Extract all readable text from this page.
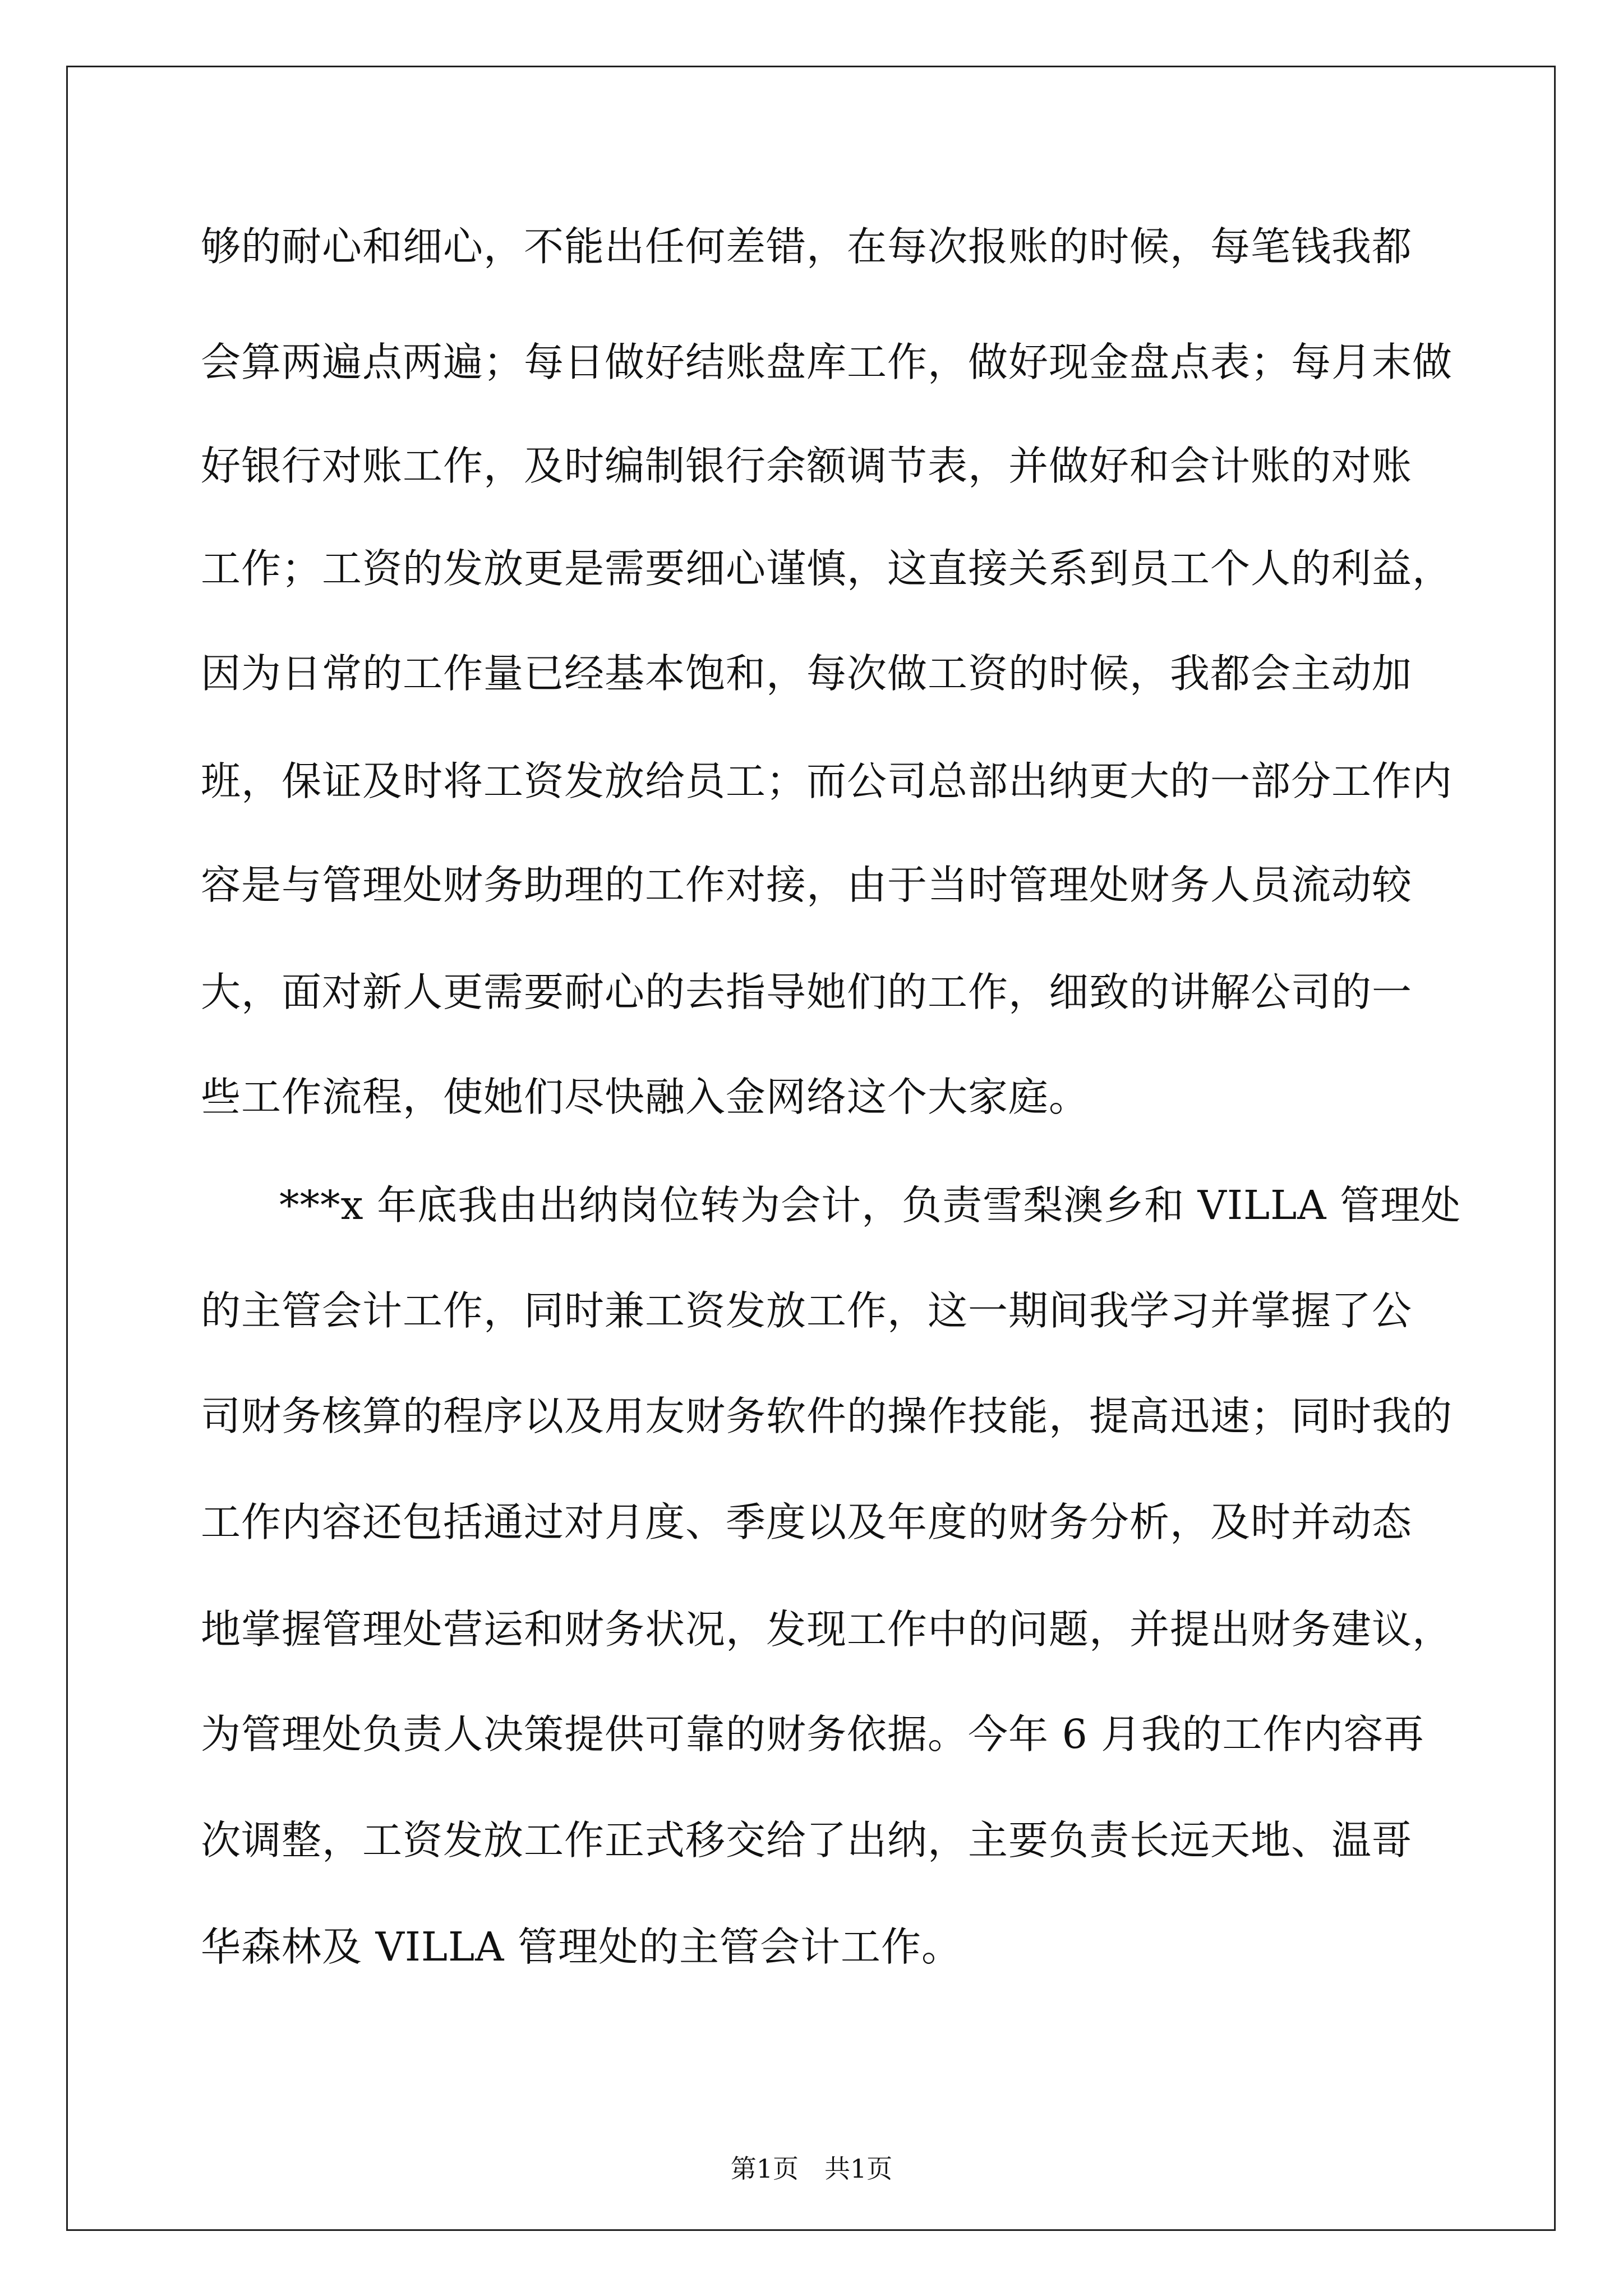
够的耐心和细心，不能出任何差错，在每次报账的时候，每笔钱我都
会算两遍点两遍；每日做好结账盘库工作，做好现金盘点表；每月末做
好银行对账工作，及时编制银行余额调节表，并做好和会计账的对账
工作；工资的发放更是需要细心谨慎，这直接关系到员工个人的利益，
因为日常的工作量已经基本饱和，每次做工资的时候，我都会主动加
班，保证及时将工资发放给员工；而公司总部出纳更大的一部分工作内
容是与管理处财务助理的工作对接，由于当时管理处财务人员流动较
大，面对新人更需要耐心的去指导她们的工作，细致的讲解公司的一
些工作流程，使她们尽快融入金网络这个大家庭。
***x 年底我由出纳岗位转为会计，负责雪梨澳乡和 VILLA 管理处
的主管会计工作，同时兼工资发放工作，这一期间我学习并掌握了公
司财务核算的程序以及用友财务软件的操作技能，提高迅速；同时我的
工作内容还包括通过对月度、季度以及年度的财务分析，及时并动态
地掌握管理处营运和财务状况，发现工作中的问题，并提出财务建议，
为管理处负责人决策提供可靠的财务依据。今年 6 月我的工作内容再
次调整，工资发放工作正式移交给了出纳，主要负责长远天地、温哥
华森林及 VILLA 管理处的主管会计工作。
第1页　共1页
